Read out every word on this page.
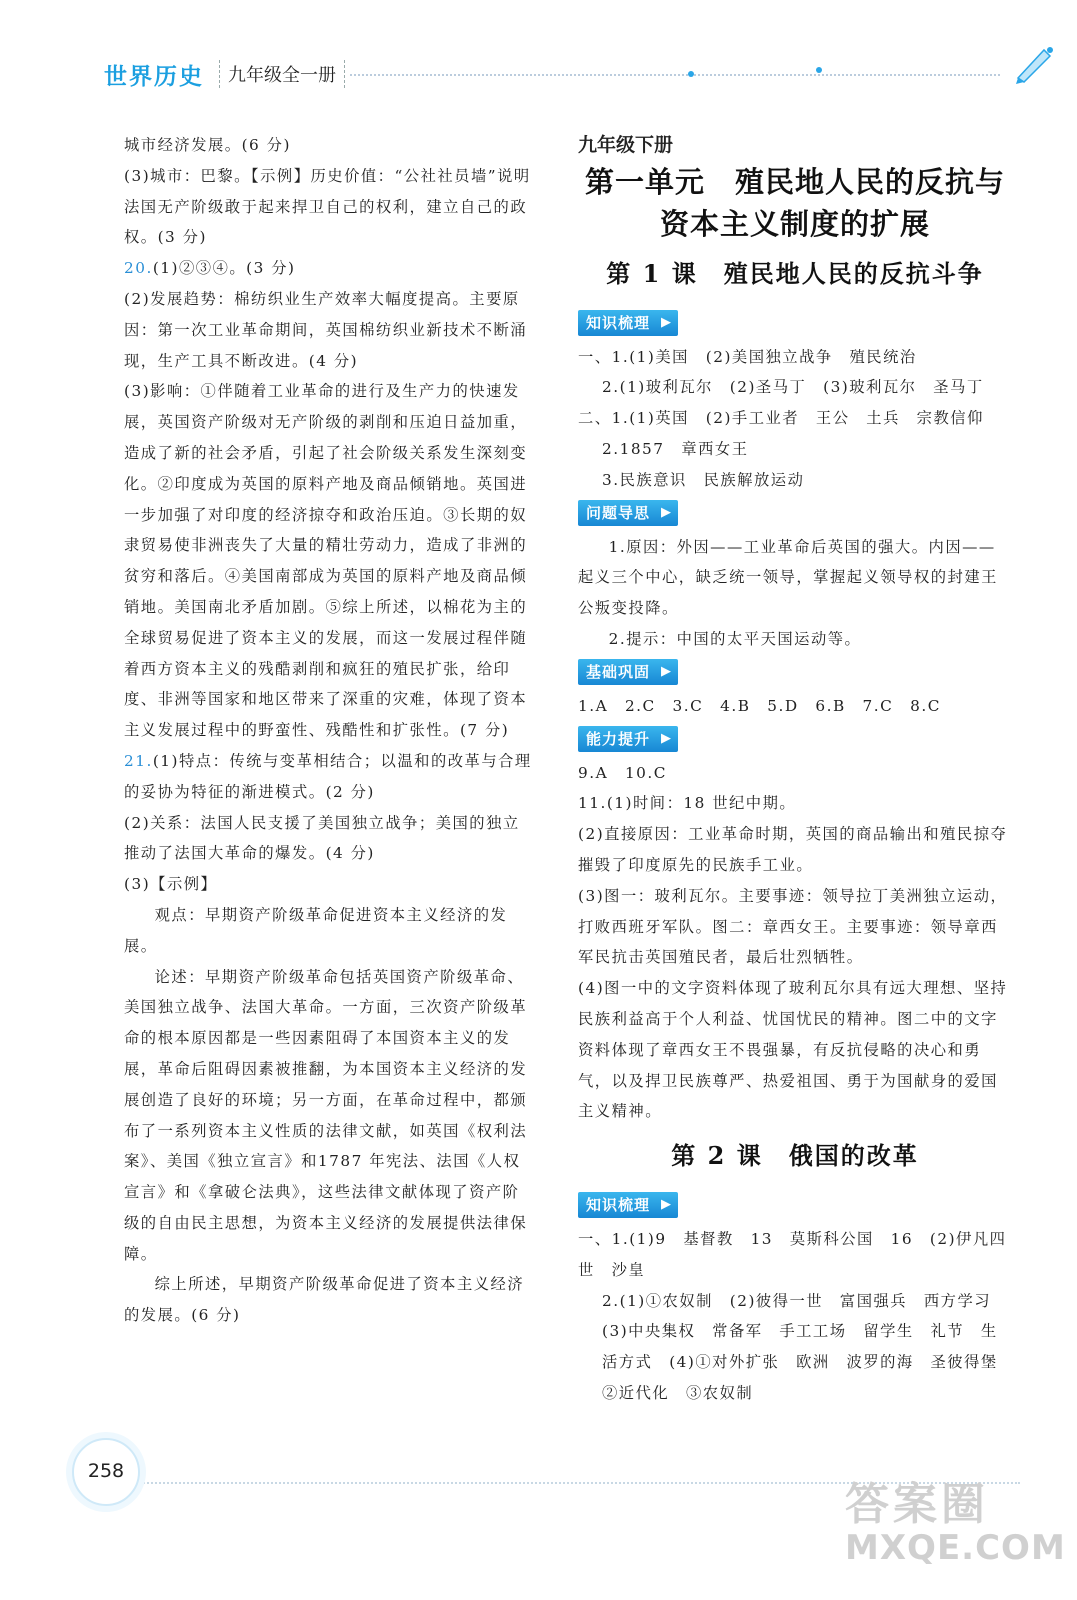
世界历史	九年级全一册

城市经济发展。(6 分)

(3)城市：巴黎。【示例】历史价值：“公社社员墙”说明法国无产阶级敢于起来捍卫自己的权利，建立自己的政权。(3 分)

20.(1)②③④。(3 分)

(2)发展趋势：棉纺织业生产效率大幅度提高。主要原因：第一次工业革命期间，英国棉纺织业新技术不断涌现，生产工具不断改进。(4 分)

(3)影响：①伴随着工业革命的进行及生产力的快速发展，英国资产阶级对无产阶级的剥削和压迫日益加重，造成了新的社会矛盾，引起了社会阶级关系发生深刻变化。②印度成为英国的原料产地及商品倾销地。英国进一步加强了对印度的经济掠夺和政治压迫。③长期的奴隶贸易使非洲丧失了大量的精壮劳动力，造成了非洲的贫穷和落后。④美国南部成为英国的原料产地及商品倾销地。美国南北矛盾加剧。⑤综上所述，以棉花为主的全球贸易促进了资本主义的发展，而这一发展过程伴随着西方资本主义的残酷剥削和疯狂的殖民扩张，给印度、非洲等国家和地区带来了深重的灾难，体现了资本主义发展过程中的野蛮性、残酷性和扩张性。(7 分)

21.(1)特点：传统与变革相结合；以温和的改革与合理的妥协为特征的渐进模式。(2 分)

(2)关系：法国人民支援了美国独立战争；美国的独立推动了法国大革命的爆发。(4 分)

(3)【示例】

观点：早期资产阶级革命促进资本主义经济的发展。

论述：早期资产阶级革命包括英国资产阶级革命、美国独立战争、法国大革命。一方面，三次资产阶级革命的根本原因都是一些因素阻碍了本国资本主义的发展，革命后阻碍因素被推翻，为本国资本主义经济的发展创造了良好的环境；另一方面，在革命过程中，都颁布了一系列资本主义性质的法律文献，如英国《权利法案》、美国《独立宣言》和1787 年宪法、法国《人权宣言》和《拿破仑法典》，这些法律文献体现了资产阶级的自由民主思想，为资本主义经济的发展提供法律保障。

综上所述，早期资产阶级革命促进了资本主义经济的发展。(6 分)

九年级下册

第一单元　殖民地人民的反抗与
资本主义制度的扩展
第 1 课　殖民地人民的反抗斗争
知识梳理 ▶

一、1.(1)美国　(2)美国独立战争　殖民统治

2.(1)玻利瓦尔　(2)圣马丁　(3)玻利瓦尔　圣马丁

二、1.(1)英国　(2)手工业者　王公　土兵　宗教信仰

2.1857　章西女王

3.民族意识　民族解放运动

问题导思 ▶

1.原因：外因——工业革命后英国的强大。内因——起义三个中心，缺乏统一领导，掌握起义领导权的封建王公叛变投降。

2.提示：中国的太平天国运动等。

基础巩固 ▶

1.A　2.C　3.C　4.B　5.D　6.B　7.C　8.C

能力提升 ▶

9.A　10.C

11.(1)时间：18 世纪中期。

(2)直接原因：工业革命时期，英国的商品输出和殖民掠夺摧毁了印度原先的民族手工业。

(3)图一：玻利瓦尔。主要事迹：领导拉丁美洲独立运动，打败西班牙军队。图二：章西女王。主要事迹：领导章西军民抗击英国殖民者，最后壮烈牺牲。

(4)图一中的文字资料体现了玻利瓦尔具有远大理想、坚持民族利益高于个人利益、忧国忧民的精神。图二中的文字资料体现了章西女王不畏强暴，有反抗侵略的决心和勇气，以及捍卫民族尊严、热爱祖国、勇于为国献身的爱国主义精神。

第 2 课　俄国的改革
知识梳理 ▶

一、1.(1)9　基督教　13　莫斯科公国　16　(2)伊凡四世　沙皇

2.(1)①农奴制　(2)彼得一世　富国强兵　西方学习　(3)中央集权　常备军　手工工场　留学生　礼节　生活方式　(4)①对外扩张　欧洲　波罗的海　圣彼得堡　②近代化　③农奴制

258
答案圈
MXQE.COM
